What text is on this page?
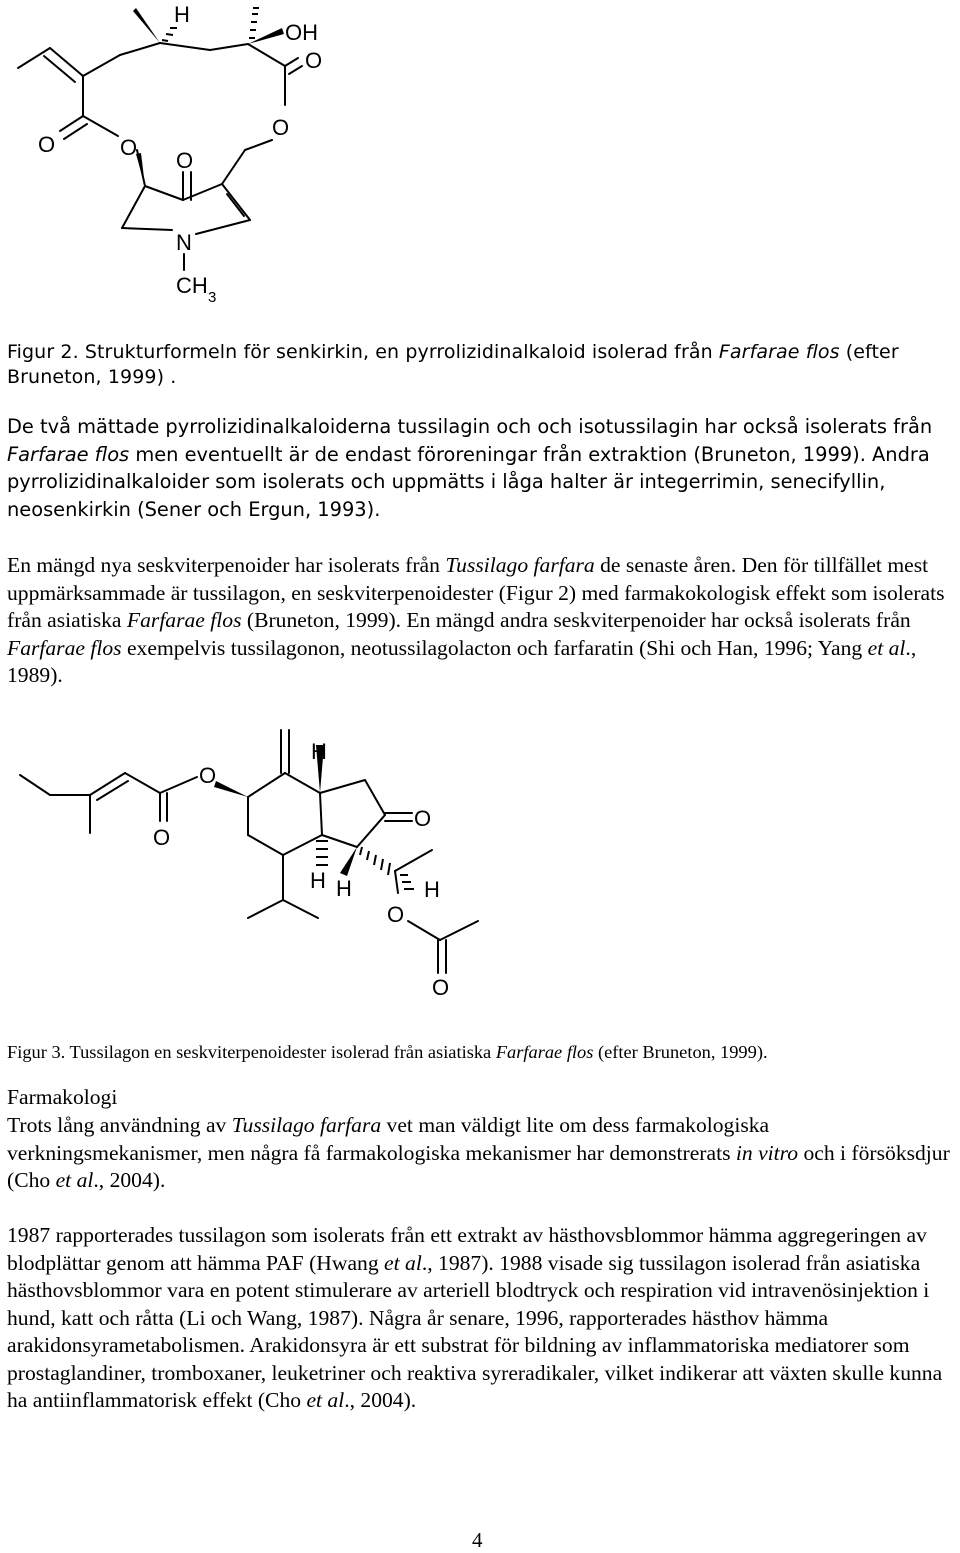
H
OH
O
O	O
O
O
N
CH 3
Figur 2. Strukturformeln för senkirkin, en pyrrolizidinalkaloid isolerad från Farfarae flos (efter Bruneton, 1999) .
De två mättade pyrrolizidinalkaloiderna tussilagin och och isotussilagin har också isolerats från Farfarae flos men eventuellt är de endast föroreningar från extraktion (Bruneton, 1999). Andra pyrrolizidinalkaloider som isolerats och uppmätts i låga halter är integerrimin, senecifyllin, neosenkirkin (Sener och Ergun, 1993).
En mängd nya seskviterpenoider har isolerats från Tussilago farfara de senaste åren. Den för tillfället mest uppmärksammade är tussilagon, en seskviterpenoidester (Figur 2) med farmakokologisk effekt som isolerats från asiatiska Farfarae flos (Bruneton, 1999). En mängd andra seskviterpenoider har också isolerats från Farfarae flos exempelvis tussilagonon, neotussilagolacton och farfaratin (Shi och Han, 1996; Yang et al., 1989).
O
O
H
O
H H	H
O
O
Figur 3. Tussilagon en seskviterpenoidester isolerad från asiatiska Farfarae flos (efter Bruneton, 1999).
Farmakologi
Trots lång användning av Tussilago farfara vet man väldigt lite om dess farmakologiska verkningsmekanismer, men några få farmakologiska mekanismer har demonstrerats in vitro och i försöksdjur (Cho et al., 2004).
1987 rapporterades tussilagon som isolerats från ett extrakt av hästhovsblommor hämma aggregeringen av blodplättar genom att hämma PAF (Hwang et al., 1987). 1988 visade sig tussilagon isolerad från asiatiska hästhovsblommor vara en potent stimulerare av arteriell blodtryck och respiration vid intravenösinjektion i hund, katt och råtta (Li och Wang, 1987). Några år senare, 1996, rapporterades hästhov hämma arakidonsyrametabolismen. Arakidonsyra är ett substrat för bildning av inflammatoriska mediatorer som prostaglandiner, tromboxaner, leuketriner och reaktiva syreradikaler, vilket indikerar att växten skulle kunna ha antiinflammatorisk effekt (Cho et al., 2004).
4
